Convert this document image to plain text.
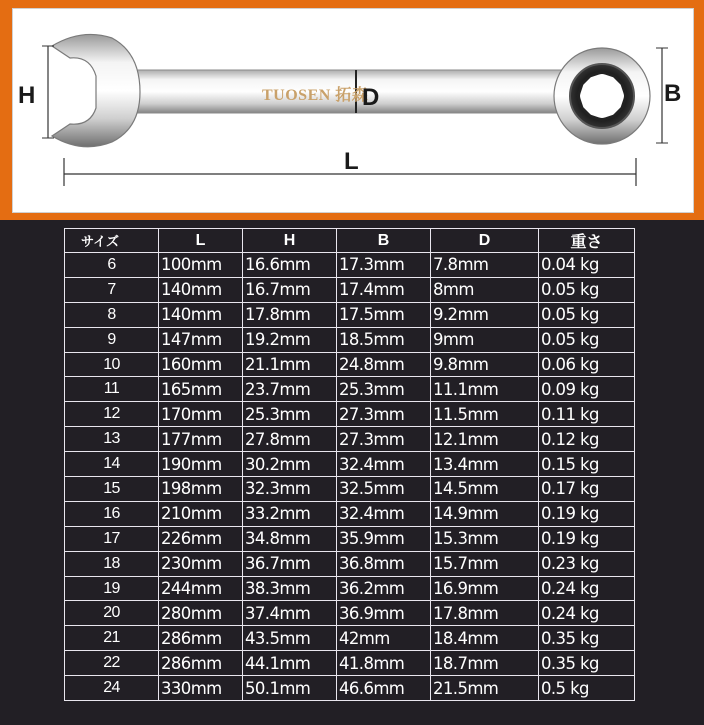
TUOSEN 拓森
H	D	B
L
サイズ	L	H	B	D	重さ
6	100mm	16.6mm	17.3mm	7.8mm	0.04 kg
7	140mm	16.7mm	17.4mm	8mm	0.05 kg
8	140mm	17.8mm	17.5mm	9.2mm	0.05 kg
9	147mm	19.2mm	18.5mm	9mm	0.05 kg
10	160mm	21.1mm	24.8mm	9.8mm	0.06 kg
11	165mm	23.7mm	25.3mm	11.1mm	0.09 kg
12	170mm	25.3mm	27.3mm	11.5mm	0.11 kg
13	177mm	27.8mm	27.3mm	12.1mm	0.12 kg
14	190mm	30.2mm	32.4mm	13.4mm	0.15 kg
15	198mm	32.3mm	32.5mm	14.5mm	0.17 kg
16	210mm	33.2mm	32.4mm	14.9mm	0.19 kg
17	226mm	34.8mm	35.9mm	15.3mm	0.19 kg
18	230mm	36.7mm	36.8mm	15.7mm	0.23 kg
19	244mm	38.3mm	36.2mm	16.9mm	0.24 kg
20	280mm	37.4mm	36.9mm	17.8mm	0.24 kg
21	286mm	43.5mm	42mm	18.4mm	0.35 kg
22	286mm	44.1mm	41.8mm	18.7mm	0.35 kg
24	330mm	50.1mm	46.6mm	21.5mm	0.5 kg
